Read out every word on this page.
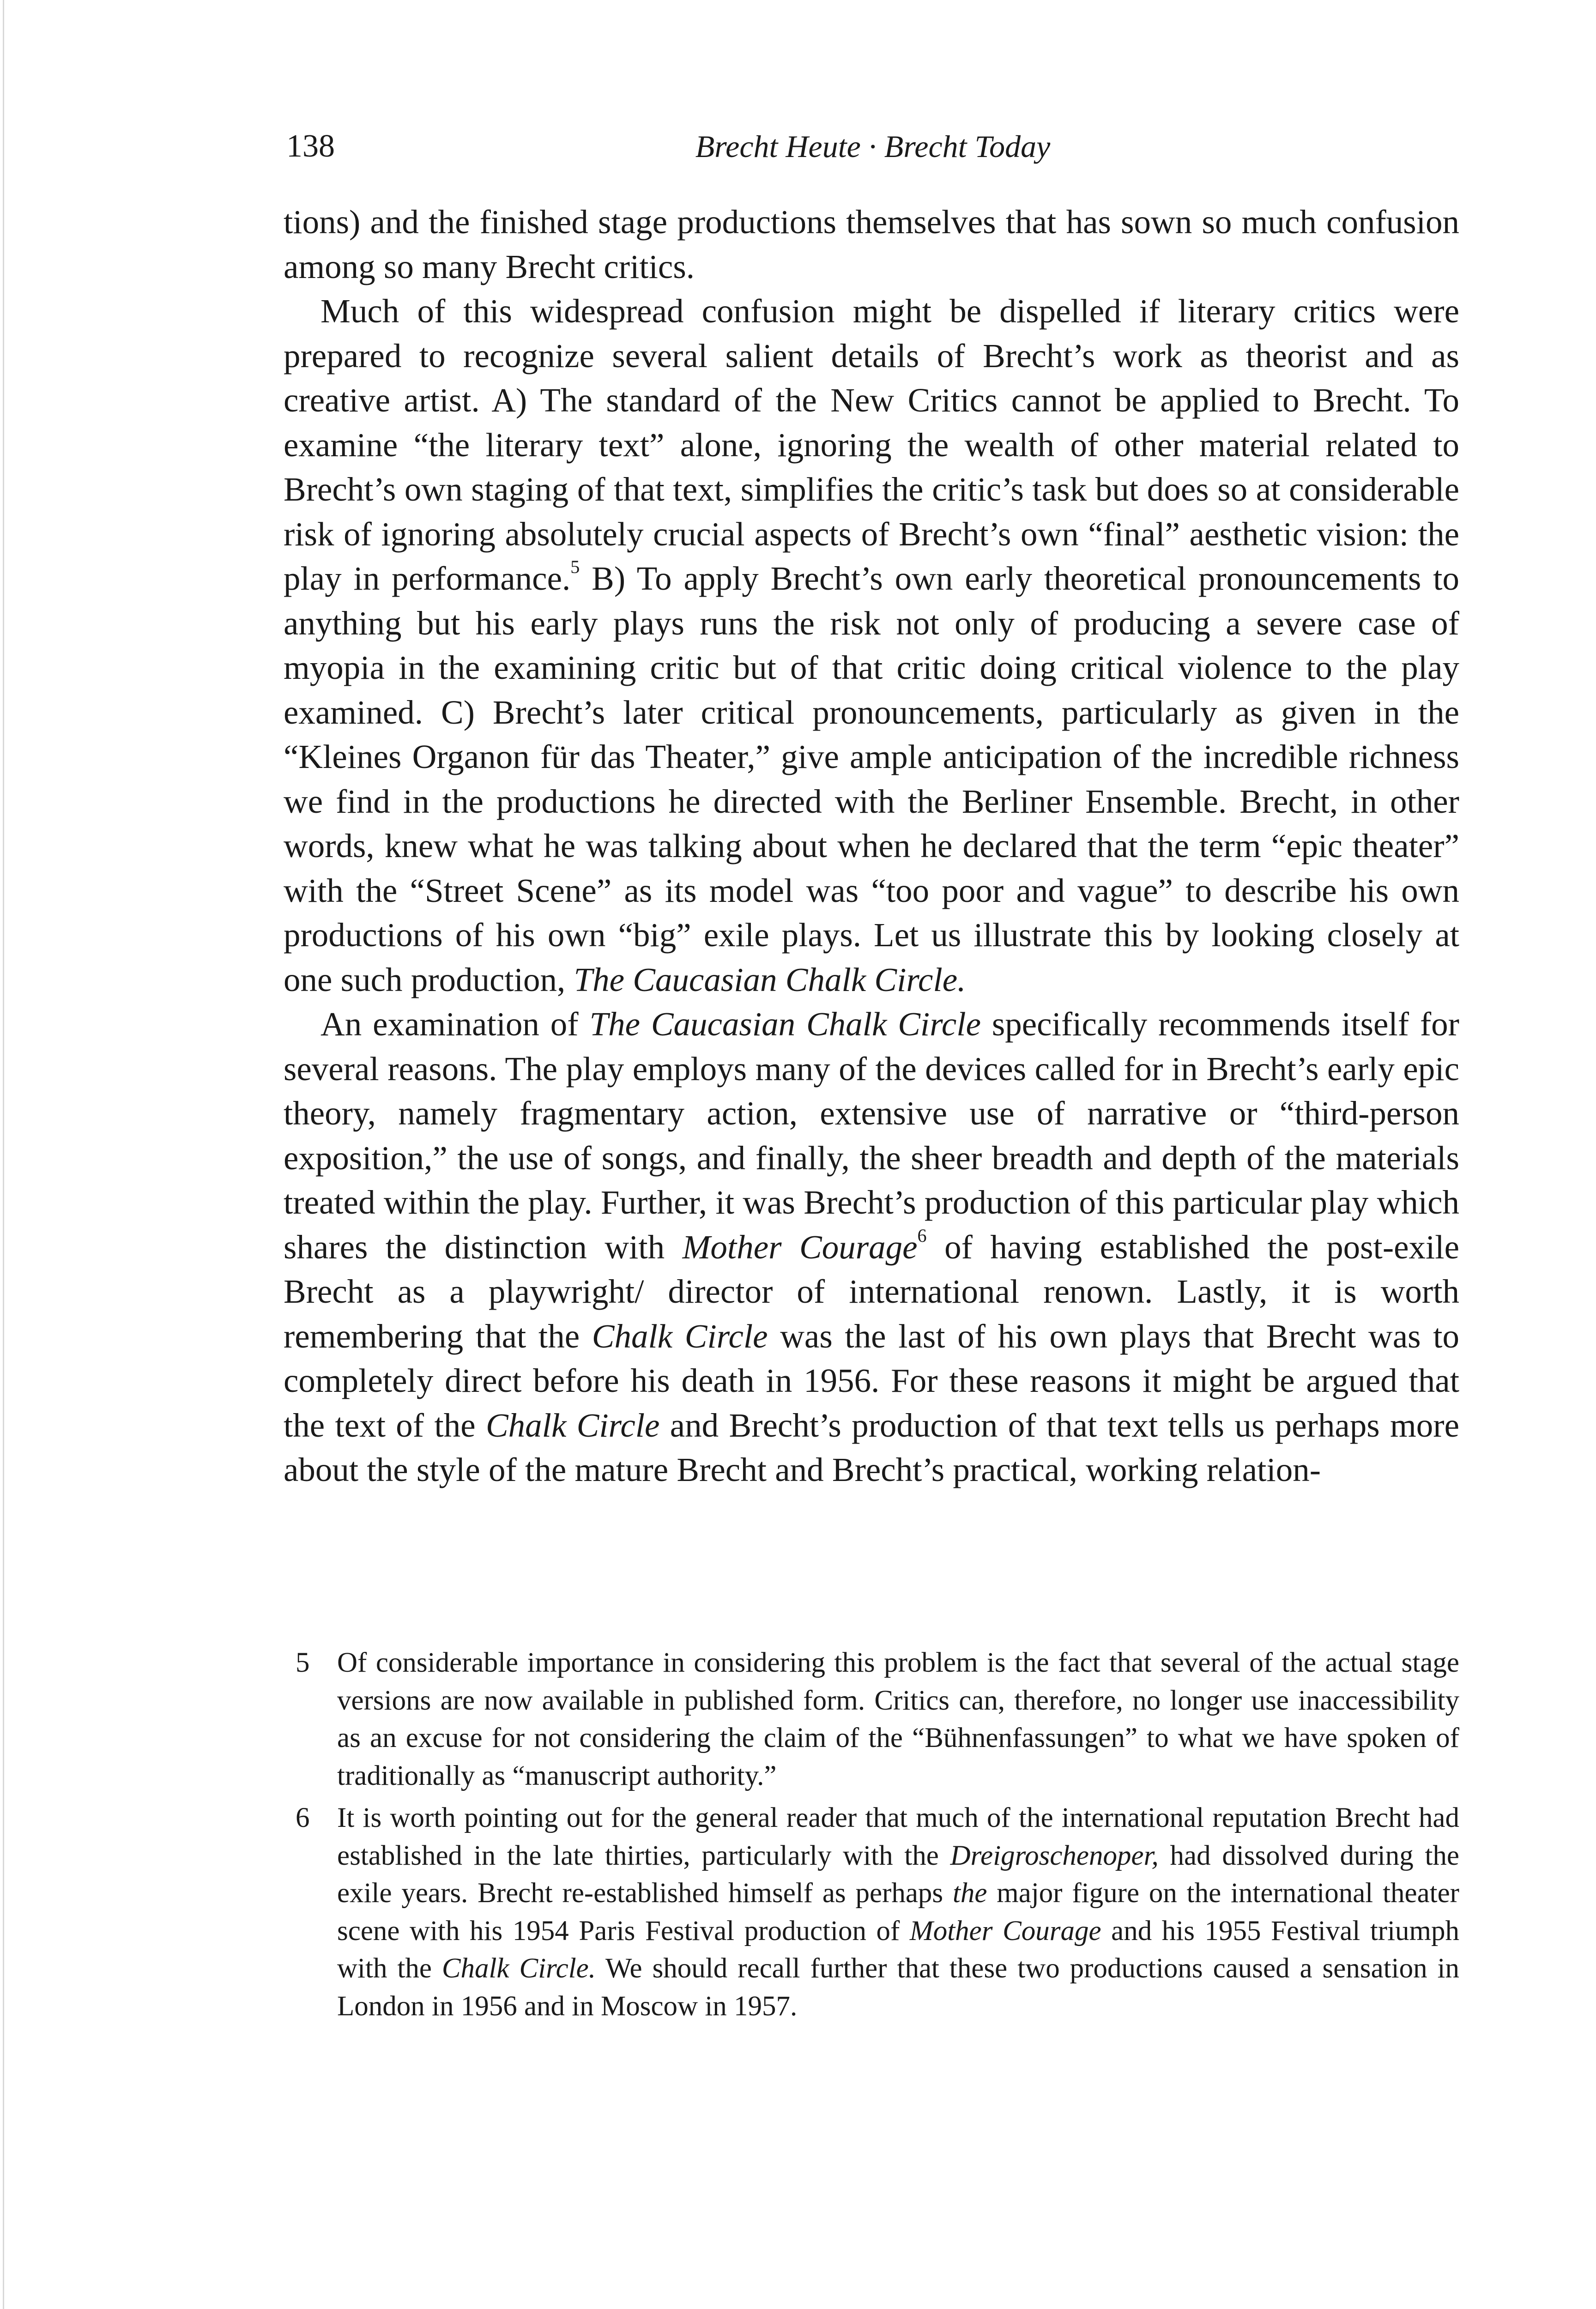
138	Brecht Heute · Brecht Today

tions) and the finished stage productions themselves that has sown so much confusion among so many Brecht critics.

Much of this widespread confusion might be dispelled if literary critics were prepared to recognize several salient details of Brecht’s work as theorist and as creative artist. A) The standard of the New Critics cannot be applied to Brecht. To examine “the literary text” alone, ignoring the wealth of other material related to Brecht’s own staging of that text, simplifies the critic’s task but does so at considerable risk of ignoring absolutely crucial aspects of Brecht’s own “final” aesthetic vision: the play in performance.$^5$ B) To apply Brecht’s own early theoretical pronouncements to anything but his early plays runs the risk not only of producing a severe case of myopia in the examining critic but of that critic doing critical violence to the play examined. C) Brecht’s later critical pronouncements, particularly as given in the “Kleines Organon für das Theater,” give ample anticipation of the incredible richness we find in the productions he directed with the Berliner Ensemble. Brecht, in other words, knew what he was talking about when he declared that the term “epic theater” with the “Street Scene” as its model was “too poor and vague” to describe his own productions of his own “big” exile plays. Let us illustrate this by looking closely at one such production, The Caucasian Chalk Circle.

An examination of The Caucasian Chalk Circle specifically recommends itself for several reasons. The play employs many of the devices called for in Brecht’s early epic theory, namely fragmentary action, extensive use of narrative or “third-person exposition,” the use of songs, and finally, the sheer breadth and depth of the materials treated within the play. Further, it was Brecht’s production of this particular play which shares the distinction with Mother Courage$^6$ of having established the post-exile Brecht as a playwright/ director of international renown. Lastly, it is worth remembering that the Chalk Circle was the last of his own plays that Brecht was to completely direct before his death in 1956. For these reasons it might be argued that the text of the Chalk Circle and Brecht’s production of that text tells us perhaps more about the style of the mature Brecht and Brecht’s practical, working relation-

5 Of considerable importance in considering this problem is the fact that several of the actual stage versions are now available in published form. Critics can, therefore, no longer use inaccessibility as an excuse for not considering the claim of the “Bühnenfassungen” to what we have spoken of traditionally as “manuscript authority.”
6 It is worth pointing out for the general reader that much of the international reputation Brecht had established in the late thirties, particularly with the Dreigroschenoper, had dissolved during the exile years. Brecht re-established himself as perhaps the major figure on the international theater scene with his 1954 Paris Festival production of Mother Courage and his 1955 Festival triumph with the Chalk Circle. We should recall further that these two productions caused a sensation in London in 1956 and in Moscow in 1957.
